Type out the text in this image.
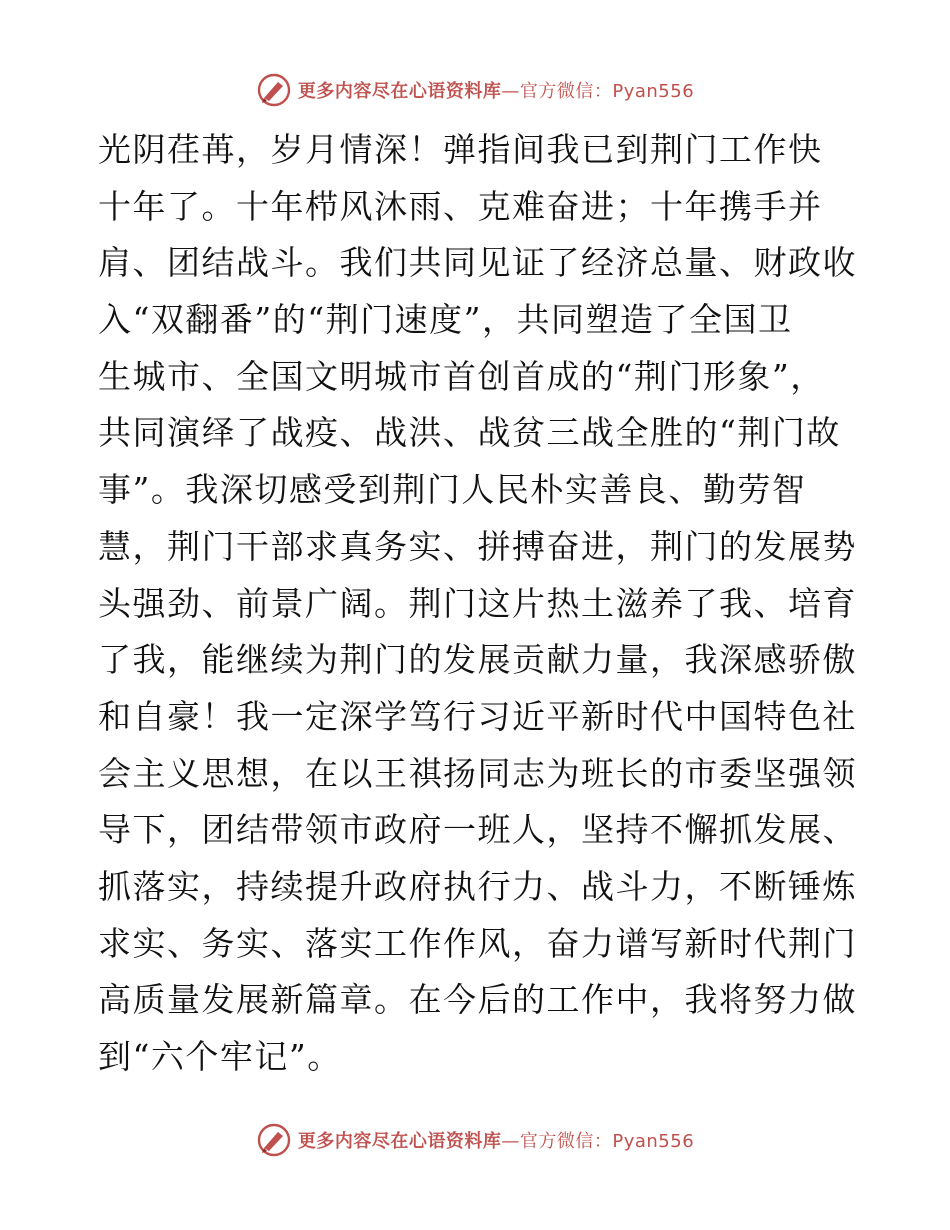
更多内容尽在心语资料库—官方微信：Pyan556
光阴荏苒，岁月情深！弹指间我已到荆门工作快
十年了。十年栉风沐雨、克难奋进；十年携手并
肩、团结战斗。我们共同见证了经济总量、财政收
入“双翻番”的“荆门速度”，共同塑造了全国卫
生城市、全国文明城市首创首成的“荆门形象”，
共同演绎了战疫、战洪、战贫三战全胜的“荆门故
事”。我深切感受到荆门人民朴实善良、勤劳智
慧，荆门干部求真务实、拼搏奋进，荆门的发展势
头强劲、前景广阔。荆门这片热土滋养了我、培育
了我，能继续为荆门的发展贡献力量，我深感骄傲
和自豪！我一定深学笃行习近平新时代中国特色社
会主义思想，在以王祺扬同志为班长的市委坚强领
导下，团结带领市政府一班人，坚持不懈抓发展、
抓落实，持续提升政府执行力、战斗力，不断锤炼
求实、务实、落实工作作风，奋力谱写新时代荆门
高质量发展新篇章。在今后的工作中，我将努力做
到“六个牢记”。
更多内容尽在心语资料库—官方微信：Pyan556
